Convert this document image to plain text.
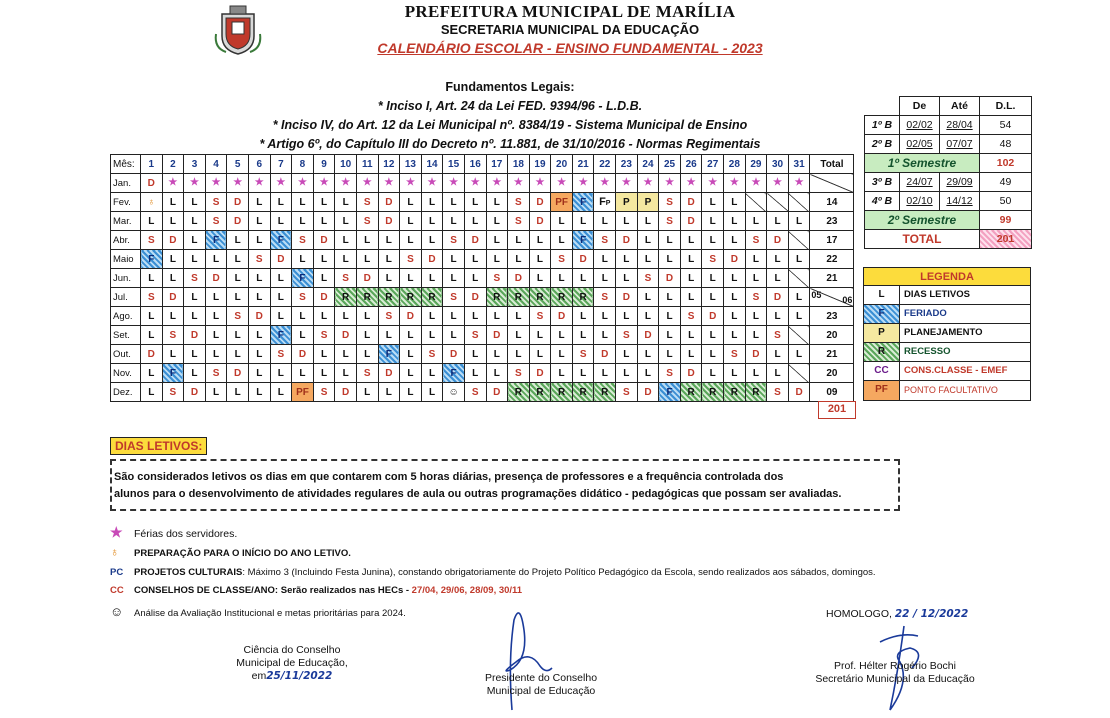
PREFEITURA MUNICIPAL DE MARÍLIA
SECRETARIA MUNICIPAL DA EDUCAÇÃO
CALENDÁRIO ESCOLAR - ENSINO FUNDAMENTAL - 2023
Fundamentos Legais:
* Inciso I, Art. 24 da Lei FED. 9394/96 - L.D.B.
* Inciso IV, do Art. 12 da Lei Municipal nº. 8384/19 - Sistema Municipal de Ensino
* Artigo 6º, do Capítulo III do Decreto nº. 11.881, de 31/10/2016 - Normas Regimentais
Mês:	1	2	3	4	5	6	7	8	9	10	11	12	13	14	15	16	17	18	19	20	21	22	23	24	25	26	27	28	29	30	31	Total
Jan.	D	★	★	★	★	★	★	★	★	★	★	★	★	★	★	★	★	★	★	★	★	★	★	★	★	★	★	★	★	★	★	
Fev.	♁	L	L	S	D	L	L	L	L	L	S	D	L	L	L	L	L	S	D	PF	F	FP	P	P	S	D	L	L				14
Mar.	L	L	L	S	D	L	L	L	L	L	S	D	L	L	L	L	L	S	D	L	L	L	L	L	S	D	L	L	L	L	L	23
Abr.	S	D	L	F	L	L	F	S	D	L	L	L	L	L	S	D	L	L	L	L	F	S	D	L	L	L	L	L	S	D		17
Maio	F	L	L	L	L	S	D	L	L	L	L	L	S	D	L	L	L	L	L	S	D	L	L	L	L	L	S	D	L	L	L	22
Jun.	L	L	S	D	L	L	L	F	L	S	D	L	L	L	L	L	S	D	L	L	L	L	L	S	D	L	L	L	L	L		21
Jul.	S	D	L	L	L	L	L	S	D	R	R	R	R	R	S	D	R	R	R	R	R	S	D	L	L	L	L	L	S	D	L	05 06

Ago.	L	L	L	L	S	D	L	L	L	L	L	S	D	L	L	L	L	L	S	D	L	L	L	L	L	S	D	L	L	L	L	23
Set.	L	S	D	L	L	L	F	L	S	D	L	L	L	L	L	S	D	L	L	L	L	L	S	D	L	L	L	L	L	S		20
Out.	D	L	L	L	L	L	S	D	L	L	L	F	L	S	D	L	L	L	L	L	S	D	L	L	L	L	L	S	D	L	L	21
Nov.	L	F	L	S	D	L	L	L	L	L	S	D	L	L	F	L	L	S	D	L	L	L	L	L	S	D	L	L	L	L		20
Dez.	L	S	D	L	L	L	L	PF	S	D	L	L	L	L	☺	S	D	R	R	R	R	R	S	D	F	R	R	R	R	S	D	09
201
	De	Até	D.L.
1º B	02/02	28/04	54
2º B	02/05	07/07	48
1º Semestre			102
3º B	24/07	29/09	49
4º B	02/10	14/12	50
2º Semestre			99
TOTAL			201
LEGENDA
L	DIAS LETIVOS
F	FERIADO
P	PLANEJAMENTO
R	RECESSO
CC	CONS.CLASSE - EMEF
PF	PONTO FACULTATIVO
DIAS LETIVOS:
São considerados letivos os dias em que contarem com 5 horas diárias, presença de professores e a frequência controlada dos
alunos para o desenvolvimento de atividades regulares de aula ou outras programações didático - pedagógicas que possam ser avaliadas.
★ Férias dos servidores.
♁ PREPARAÇÃO PARA O INÍCIO DO ANO LETIVO.
PC PROJETOS CULTURAIS: Máximo 3 (Incluindo Festa Junina), constando obrigatoriamente do Projeto Político Pedagógico da Escola, sendo realizados aos sábados, domingos.
CC CONSELHOS DE CLASSE/ANO: Serão realizados nas HECs - 27/04, 29/06, 28/09, 30/11
☺ Análise da Avaliação Institucional e metas prioritárias para 2024.
Ciência do Conselho
Municipal de Educação,
em25/11/2022	Presidente do Conselho
Municipal de Educação
HOMOLOGO, 22 / 12/2022
Prof. Hélter Rogério Bochi
Secretário Municipal da Educação
